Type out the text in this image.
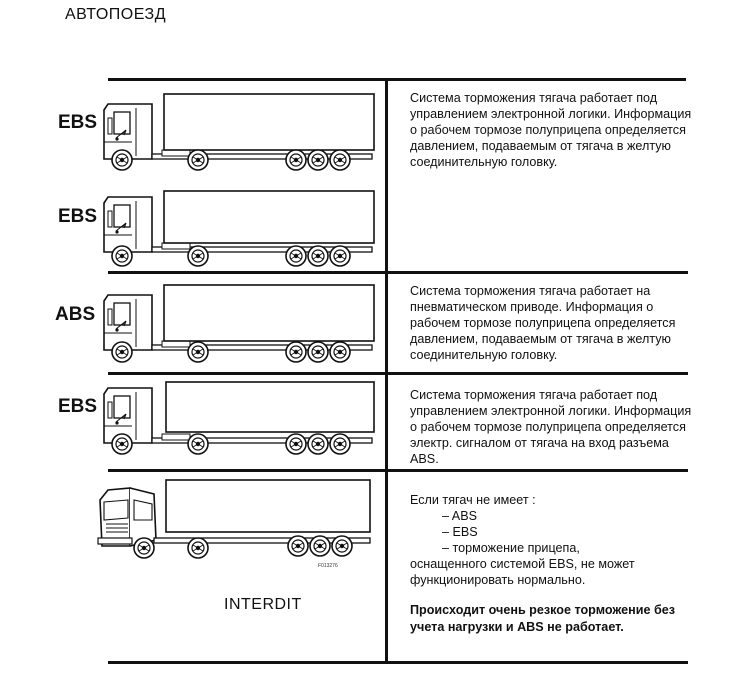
АВТОПОЕЗД

Система торможения тягача работает под управлением электронной логики. Информация о рабочем тормозе полуприцепа определяется давлением, подаваемым от тягача в желтую соединительную головку.

Система торможения тягача работает на пневматическом приводе. Информация о рабочем тормозе полуприцепа определяется давлением, подаваемым от тягача в желтую соединительную головку.

Система торможения тягача работает под управлением электронной логики. Информация о рабочем тормозе полуприцепа определяется электр. сигналом от тягача на вход разъема ABS.

Если тягач не имеет :

– ABS

– EBS

– торможение прицепа,

оснащенного системой EBS, не может функционировать нормально.

Происходит очень резкое торможение без учета нагрузки и ABS не работает.

EBS
EBS
ABS
EBS
F013276
INTERDIT
